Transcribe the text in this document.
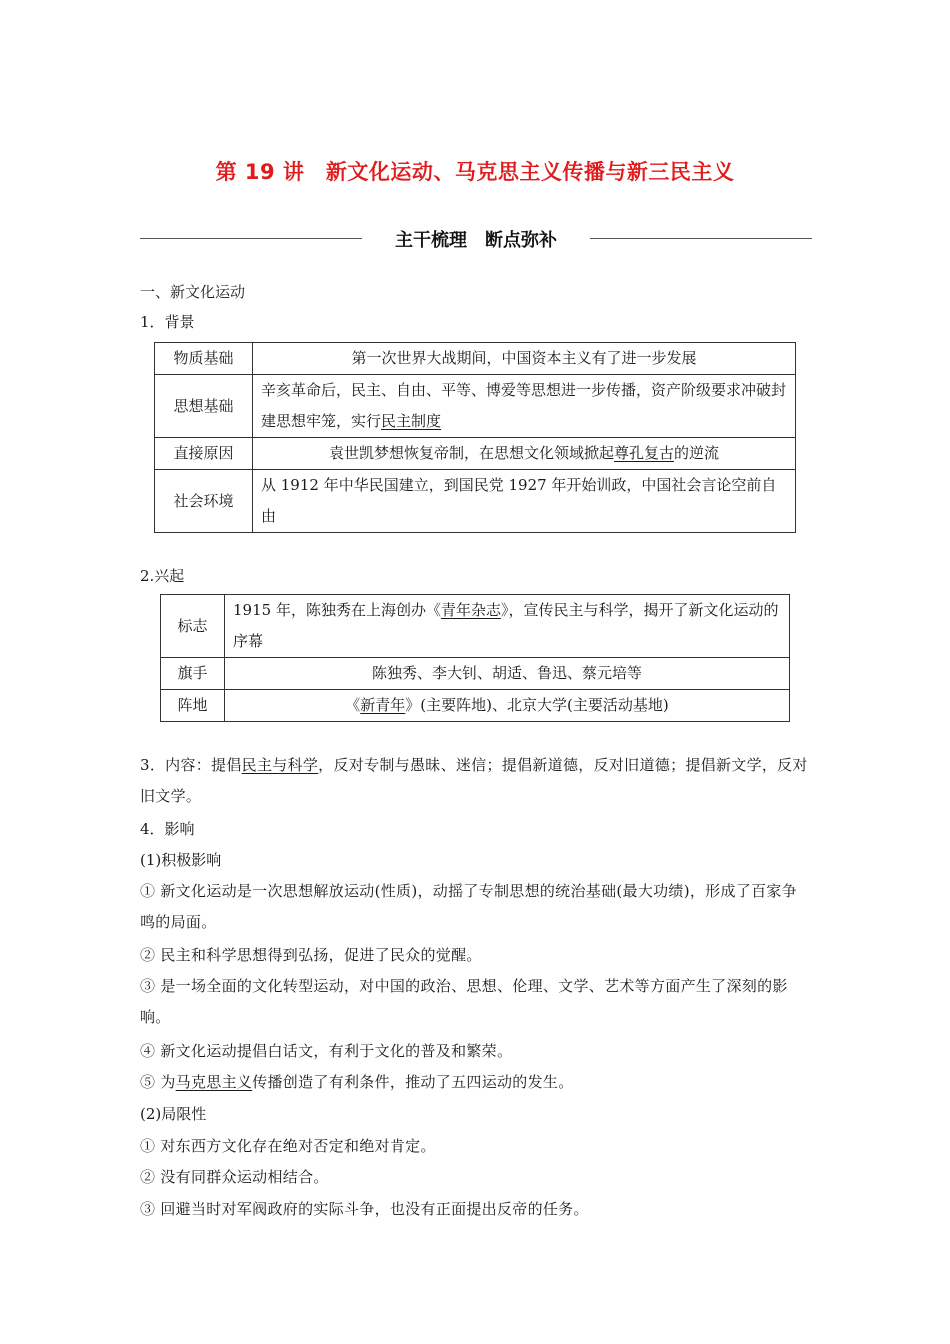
第 19 讲　新文化运动、马克思主义传播与新三民主义
主干梳理　断点弥补
一、新文化运动
1．背景
物质基础	第一次世界大战期间，中国资本主义有了进一步发展
思想基础	辛亥革命后，民主、自由、平等、博爱等思想进一步传播，资产阶级要求冲破封建思想牢笼，实行民主制度
直接原因	袁世凯梦想恢复帝制，在思想文化领域掀起尊孔复古的逆流
社会环境	从 1912 年中华民国建立，到国民党 1927 年开始训政，中国社会言论空前自由
2.兴起
标志	1915 年，陈独秀在上海创办《青年杂志》，宣传民主与科学，揭开了新文化运动的序幕
旗手	陈独秀、李大钊、胡适、鲁迅、蔡元培等
阵地	《新青年》(主要阵地)、北京大学(主要活动基地)
3．内容：提倡民主与科学，反对专制与愚昧、迷信；提倡新道德，反对旧道德；提倡新文学，反对旧文学。
4．影响
(1)积极影响
① 新文化运动是一次思想解放运动(性质)，动摇了专制思想的统治基础(最大功绩)，形成了百家争鸣的局面。
② 民主和科学思想得到弘扬，促进了民众的觉醒。
③ 是一场全面的文化转型运动，对中国的政治、思想、伦理、文学、艺术等方面产生了深刻的影响。
④ 新文化运动提倡白话文，有利于文化的普及和繁荣。
⑤ 为马克思主义传播创造了有利条件，推动了五四运动的发生。
(2)局限性
① 对东西方文化存在绝对否定和绝对肯定。
② 没有同群众运动相结合。
③ 回避当时对军阀政府的实际斗争，也没有正面提出反帝的任务。
